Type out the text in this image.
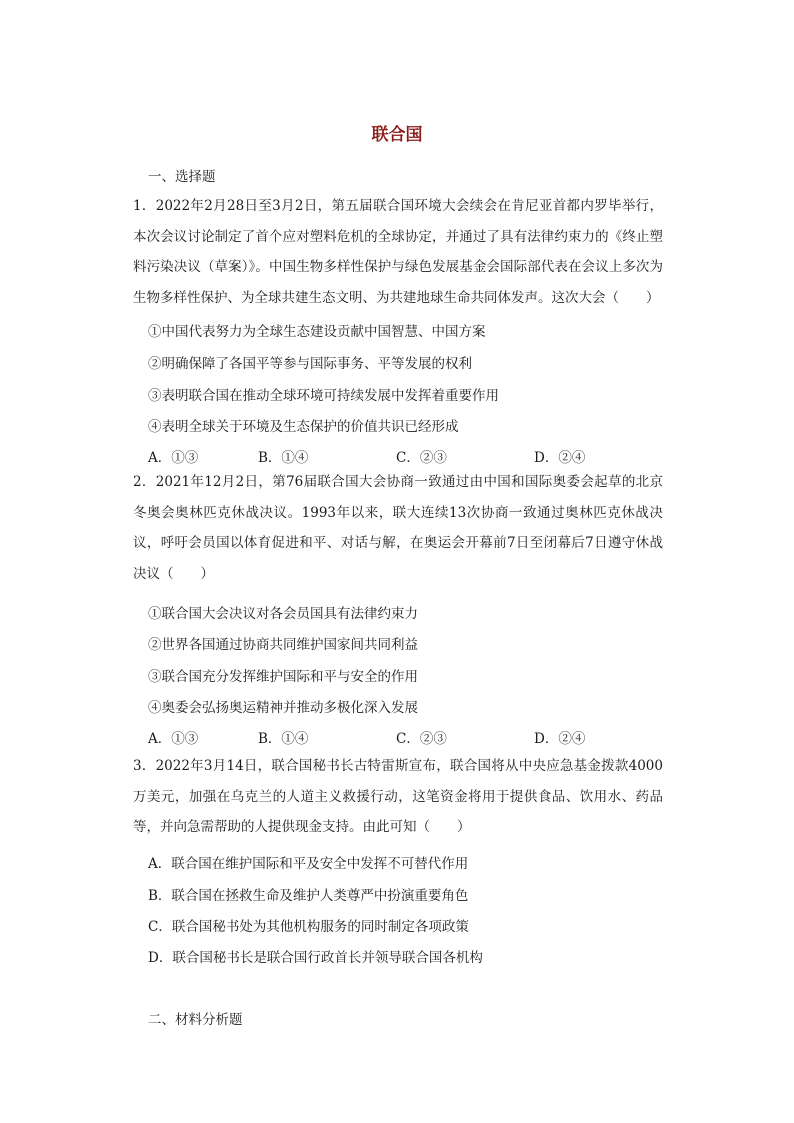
联合国
一、选择题
1．2022年2月28日至3月2日，第五届联合国环境大会续会在肯尼亚首都内罗毕举行，本次会议讨论制定了首个应对塑料危机的全球协定，并通过了具有法律约束力的《终止塑料污染决议（草案）》。中国生物多样性保护与绿色发展基金会国际部代表在会议上多次为生物多样性保护、为全球共建生态文明、为共建地球生命共同体发声。这次大会（　　）
①中国代表努力为全球生态建设贡献中国智慧、中国方案
②明确保障了各国平等参与国际事务、平等发展的权利
③表明联合国在推动全球环境可持续发展中发挥着重要作用
④表明全球关于环境及生态保护的价值共识已经形成
A．①③	B．①④	C．②③	D．②④
2．2021年12月2日，第76届联合国大会协商一致通过由中国和国际奥委会起草的北京冬奥会奥林匹克休战决议。1993年以来，联大连续13次协商一致通过奥林匹克休战决议，呼吁会员国以体育促进和平、对话与解，在奥运会开幕前7日至闭幕后7日遵守休战决议（　　）
①联合国大会决议对各会员国具有法律约束力
②世界各国通过协商共同维护国家间共同利益
③联合国充分发挥维护国际和平与安全的作用
④奥委会弘扬奥运精神并推动多极化深入发展
A．①③	B．①④	C．②③	D．②④
3．2022年3月14日，联合国秘书长古特雷斯宣布，联合国将从中央应急基金拨款4000万美元，加强在乌克兰的人道主义救援行动，这笔资金将用于提供食品、饮用水、药品等，并向急需帮助的人提供现金支持。由此可知（　　）
A．联合国在维护国际和平及安全中发挥不可替代作用
B．联合国在拯救生命及维护人类尊严中扮演重要角色
C．联合国秘书处为其他机构服务的同时制定各项政策
D．联合国秘书长是联合国行政首长并领导联合国各机构
二、材料分析题
